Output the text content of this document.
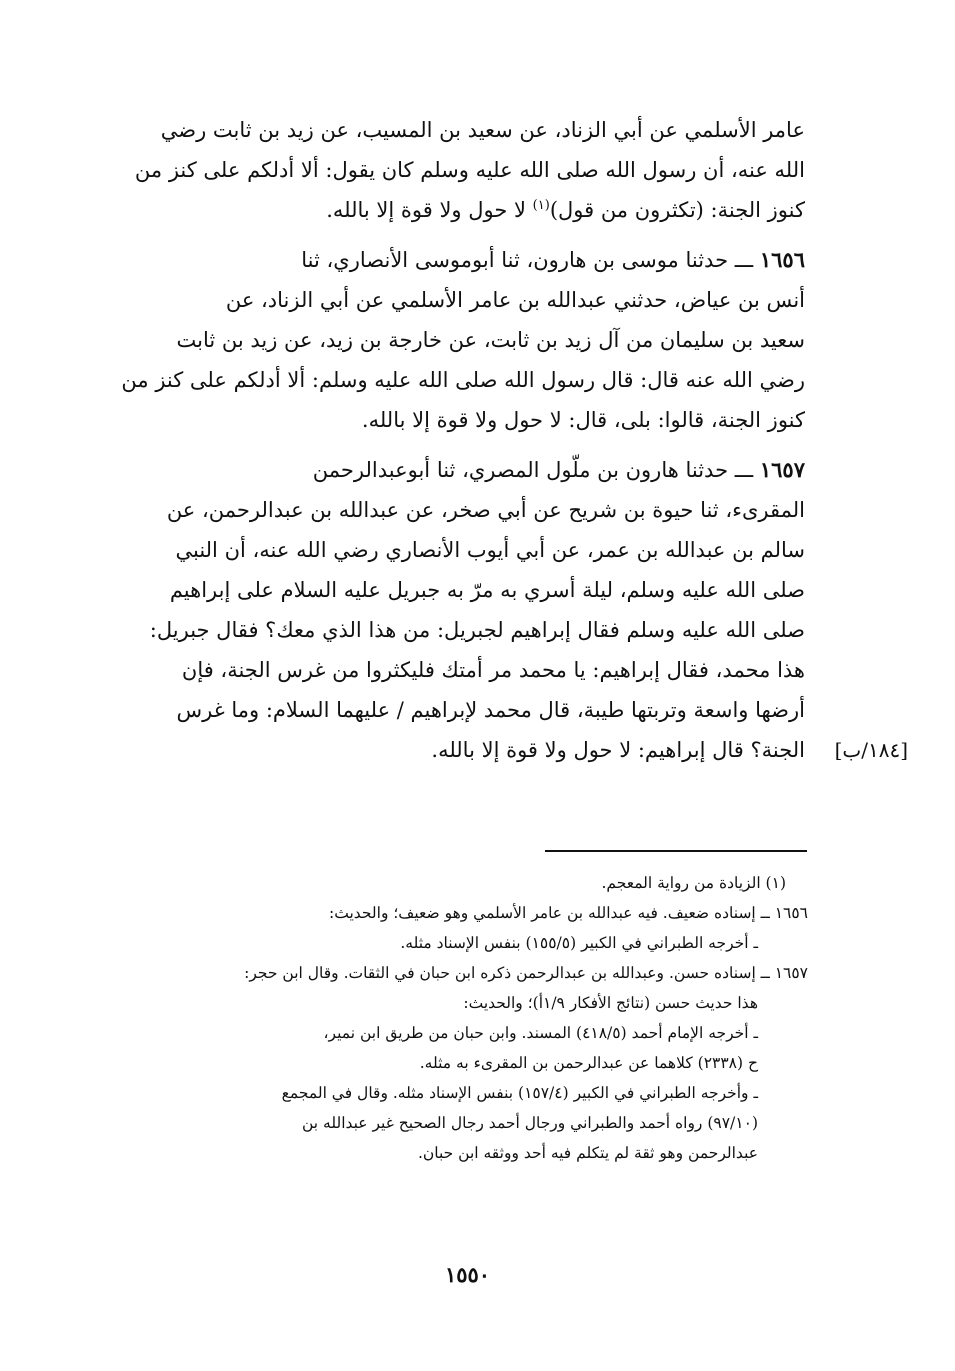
عامر الأسلمي عن أبي الزناد، عن سعيد بن المسيب، عن زيد بن ثابت رضي
الله عنه، أن رسول الله صلى الله عليه وسلم كان يقول: ألا أدلكم على كنز من
كنوز الجنة: (تكثرون من قول)$^{(١)}$ لا حول ولا قوة إلا بالله.
١٦٥٦ ـــ حدثنا موسى بن هارون، ثنا أبوموسى الأنصاري، ثنا
أنس بن عياض، حدثني عبدالله بن عامر الأسلمي عن أبي الزناد، عن
سعيد بن سليمان من آل زيد بن ثابت، عن خارجة بن زيد، عن زيد بن ثابت
رضي الله عنه قال: قال رسول الله صلى الله عليه وسلم: ألا أدلكم على كنز من
كنوز الجنة، قالوا: بلى، قال: لا حول ولا قوة إلا بالله.
١٦٥٧ ـــ حدثنا هارون بن ملّول المصري، ثنا أبوعبدالرحمن
المقرىء، ثنا حيوة بن شريح عن أبي صخر، عن عبدالله بن عبدالرحمن، عن
سالم بن عبدالله بن عمر، عن أبي أيوب الأنصاري رضي الله عنه، أن النبي
صلى الله عليه وسلم، ليلة أسري به مرّ به جبريل عليه السلام على إبراهيم
صلى الله عليه وسلم فقال إبراهيم لجبريل: من هذا الذي معك؟ فقال جبريل:
هذا محمد، فقال إبراهيم: يا محمد مر أمتك فليكثروا من غرس الجنة، فإن
أرضها واسعة وتربتها طيبة، قال محمد لإبراهيم / عليهما السلام: وما غرس
الجنة؟ قال إبراهيم: لا حول ولا قوة إلا بالله.	[١٨٤/ب]
(١) الزيادة من رواية المعجم.
١٦٥٦ ــ إسناده ضعيف. فيه عبدالله بن عامر الأسلمي وهو ضعيف؛ والحديث:
ـ أخرجه الطبراني في الكبير (١٥٥/٥) بنفس الإسناد مثله.
١٦٥٧ ــ إسناده حسن. وعبدالله بن عبدالرحمن ذكره ابن حبان في الثقات. وقال ابن حجر:
هذا حديث حسن (نتائج الأفكار ١/٩أ)؛ والحديث:
ـ أخرجه الإمام أحمد (٤١٨/٥) المسند. وابن حبان من طريق ابن نمير،
ح (٢٣٣٨) كلاهما عن عبدالرحمن بن المقرىء به مثله.
ـ وأخرجه الطبراني في الكبير (١٥٧/٤) بنفس الإسناد مثله. وقال في المجمع
(٩٧/١٠) رواه أحمد والطبراني ورجال أحمد رجال الصحيح غير عبدالله بن
عبدالرحمن وهو ثقة لم يتكلم فيه أحد ووثقه ابن حبان.
١٥٥٠
